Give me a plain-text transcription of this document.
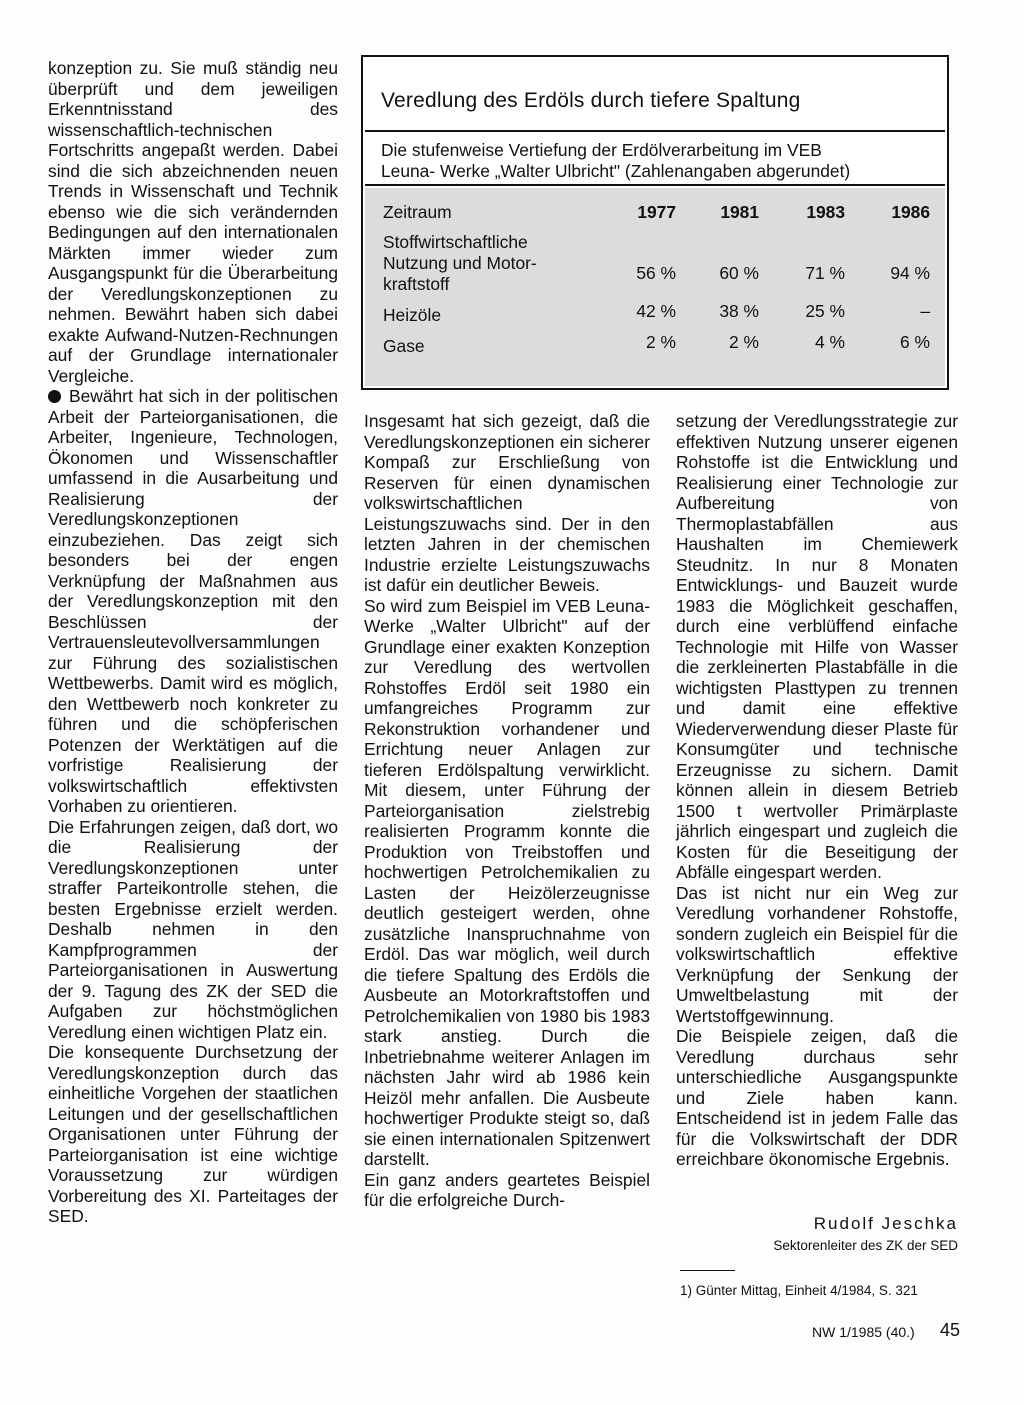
konzeption zu. Sie muß ständig neu überprüft und dem jeweiligen Erkenntnisstand des wissenschaftlich-technischen Fortschritts angepaßt werden. Dabei sind die sich abzeichnenden neuen Trends in Wissenschaft und Technik ebenso wie die sich verändernden Bedingungen auf den internationalen Märkten immer wieder zum Ausgangspunkt für die Überarbeitung der Veredlungskonzeptionen zu nehmen. Bewährt haben sich dabei exakte Aufwand-Nutzen-Rechnungen auf der Grundlage internationaler Vergleiche.

Bewährt hat sich in der politischen Arbeit der Parteiorganisationen, die Arbeiter, Ingenieure, Technologen, Ökonomen und Wissenschaftler umfassend in die Ausarbeitung und Realisierung der Veredlungskonzeptionen einzubeziehen. Das zeigt sich besonders bei der engen Verknüpfung der Maßnahmen aus der Veredlungskonzeption mit den Beschlüssen der Vertrauensleutevollversammlungen zur Führung des sozialistischen Wettbewerbs. Damit wird es möglich, den Wettbewerb noch konkreter zu führen und die schöpferischen Potenzen der Werktätigen auf die vorfristige Realisierung der volkswirtschaftlich effektivsten Vorhaben zu orientieren.

Die Erfahrungen zeigen, daß dort, wo die Realisierung der Veredlungskonzeptionen unter straffer Parteikontrolle stehen, die besten Ergebnisse erzielt werden. Deshalb nehmen in den Kampfprogrammen der Parteiorganisationen in Auswertung der 9. Tagung des ZK der SED die Aufgaben zur höchstmöglichen Veredlung einen wichtigen Platz ein.

Die konsequente Durchsetzung der Veredlungskonzeption durch das einheitliche Vorgehen der staatlichen Leitungen und der gesellschaftlichen Organisationen unter Führung der Parteiorganisation ist eine wichtige Voraussetzung zur würdigen Vorbereitung des XI. Parteitages der SED.

Veredlung des Erdöls durch tiefere Spaltung
Die stufenweise Vertiefung der Erdölverarbeitung im VEB
Leuna- Werke „Walter Ulbricht" (Zahlenangaben abgerundet)
Zeitraum	1977	1981	1983	1986
Stoffwirtschaftliche
Nutzung und Motor-
kraftstoff
56 %	60 %	71 %	94 %
Heizöle	42 %	38 %	25 %	–
Gase	2 %	2 %	4 %	6 %

Insgesamt hat sich gezeigt, daß die Veredlungskonzeptionen ein sicherer Kompaß zur Erschließung von Reserven für einen dynamischen volkswirtschaftlichen Leistungszuwachs sind. Der in den letzten Jahren in der chemischen Industrie erzielte Leistungszuwachs ist dafür ein deutlicher Beweis.

So wird zum Beispiel im VEB Leuna-Werke „Walter Ulbricht" auf der Grundlage einer exakten Konzeption zur Veredlung des wertvollen Rohstoffes Erdöl seit 1980 ein umfangreiches Programm zur Rekonstruktion vorhandener und Errichtung neuer Anlagen zur tieferen Erdölspaltung verwirklicht. Mit diesem, unter Führung der Parteiorganisation zielstrebig realisierten Programm konnte die Produktion von Treibstoffen und hochwertigen Petrolchemikalien zu Lasten der Heizölerzeugnisse deutlich gesteigert werden, ohne zusätzliche Inanspruchnahme von Erdöl. Das war möglich, weil durch die tiefere Spaltung des Erdöls die Ausbeute an Motorkraftstoffen und Petrolchemikalien von 1980 bis 1983 stark anstieg. Durch die Inbetriebnahme weiterer Anlagen im nächsten Jahr wird ab 1986 kein Heizöl mehr anfallen. Die Ausbeute hochwertiger Produkte steigt so, daß sie einen internationalen Spitzenwert darstellt.

Ein ganz anders geartetes Beispiel für die erfolgreiche Durch-

setzung der Veredlungsstrategie zur effektiven Nutzung unserer eigenen Rohstoffe ist die Entwicklung und Realisierung einer Technologie zur Aufbereitung von Thermoplastabfällen aus Haushalten im Chemiewerk Steudnitz. In nur 8 Monaten Entwicklungs- und Bauzeit wurde 1983 die Möglichkeit geschaffen, durch eine verblüffend einfache Technologie mit Hilfe von Wasser die zerkleinerten Plastabfälle in die wichtigsten Plasttypen zu trennen und damit eine effektive Wiederverwendung dieser Plaste für Konsumgüter und technische Erzeugnisse zu sichern. Damit können allein in diesem Betrieb 1500 t wertvoller Primärplaste jährlich eingespart und zugleich die Kosten für die Beseitigung der Abfälle eingespart werden.

Das ist nicht nur ein Weg zur Veredlung vorhandener Rohstoffe, sondern zugleich ein Beispiel für die volkswirtschaftlich effektive Verknüpfung der Senkung der Umweltbelastung mit der Wertstoffgewinnung.

Die Beispiele zeigen, daß die Veredlung durchaus sehr unterschiedliche Ausgangspunkte und Ziele haben kann. Entscheidend ist in jedem Falle das für die Volkswirtschaft der DDR erreichbare ökonomische Ergebnis.

Rudolf Jeschka
Sektorenleiter des ZK der SED
1) Günter Mittag, Einheit 4/1984, S. 321
NW 1/1985 (40.) 45
